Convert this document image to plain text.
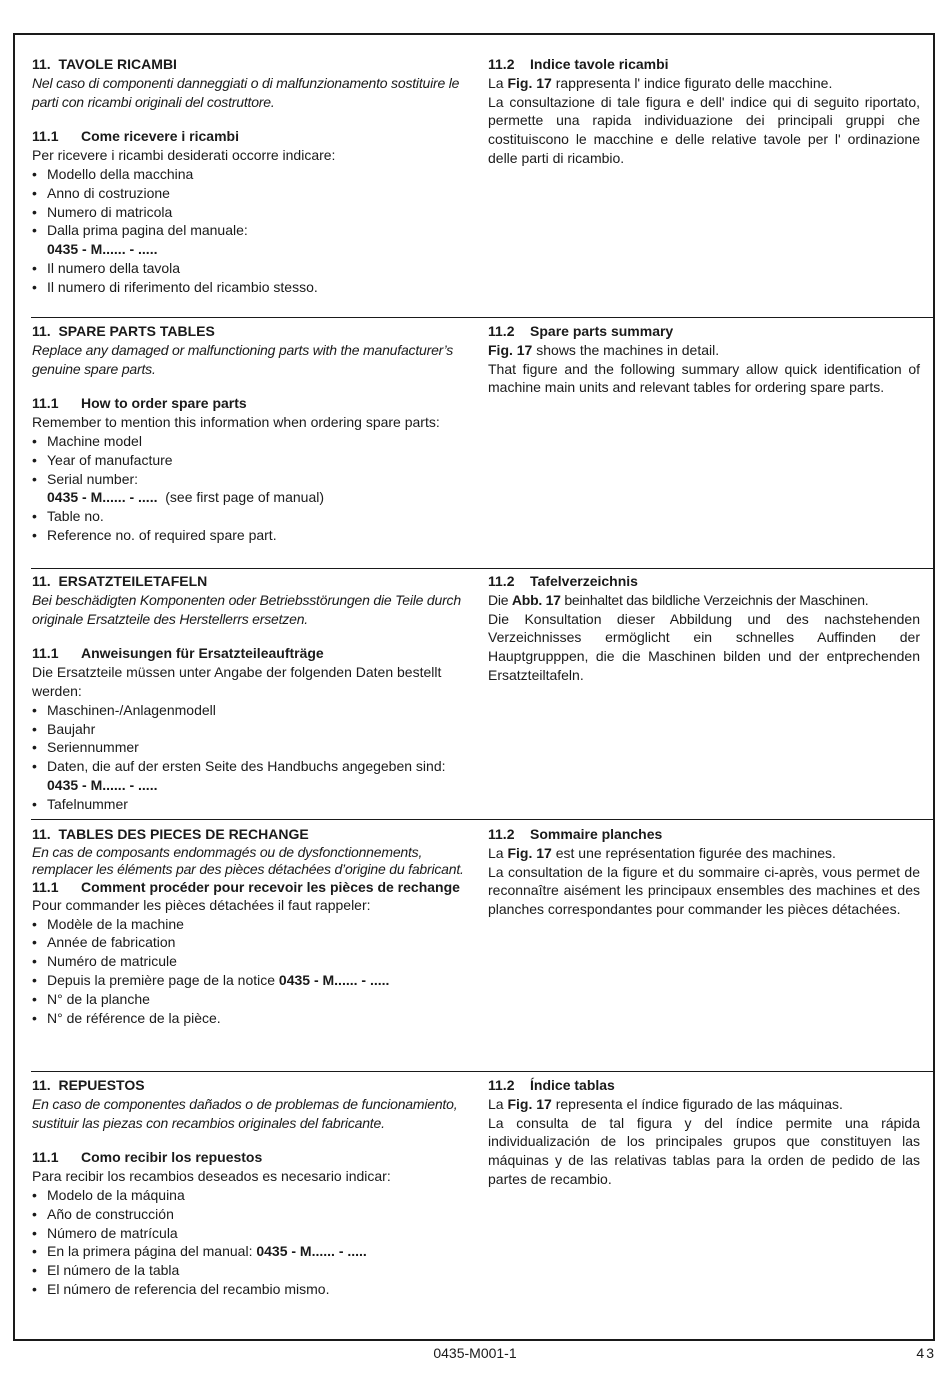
11.  TAVOLE RICAMBI
Nel caso di componenti danneggiati o di malfunzionamento sostituire le parti con ricambi originali del costruttore.
11.1 Come ricevere i ricambi
Per ricevere i ricambi desiderati occorre indicare:
• Modello della macchina
• Anno di costruzione
• Numero di matricola
• Dalla prima pagina del manuale:
0435 - M...... - .....
• Il numero della tavola
• Il numero di riferimento del ricambio stesso.
11.2    Indice tavole ricambi
La Fig. 17 rappresenta l' indice figurato delle macchine.
La consultazione di tale figura e dell' indice qui di seguito riportato, permette una rapida individuazione dei principali gruppi che costituiscono le macchine e delle relative tavole per l' ordinazione delle parti di ricambio.
11.  SPARE PARTS TABLES
Replace any damaged or malfunctioning parts with the manufacturer’s genuine spare parts.
11.1 How to order spare parts
Remember to mention this information when ordering spare parts:
• Machine model
• Year of manufacture
• Serial number:
0435 - M...... - .....  (see first page of manual)
• Table no.
• Reference no. of required spare part.
11.2    Spare parts summary
Fig. 17 shows the machines in detail.
That figure and the following summary allow quick identification of machine main units and relevant tables for ordering spare parts.
11.  ERSATZTEILETAFELN
Bei beschädigten Komponenten oder Betriebsstörungen die Teile durch originale Ersatzteile des Herstellerrs ersetzen.
11.1 Anweisungen für Ersatzteileaufträge
Die Ersatzteile müssen unter Angabe der folgenden Daten bestellt werden:
• Maschinen-/Anlagenmodell
• Baujahr
• Seriennummer
• Daten, die auf der ersten Seite des Handbuchs angegeben sind: 0435 - M...... - .....
• Tafelnummer
11.2    Tafelverzeichnis
Die Abb. 17 beinhaltet das bildliche Verzeichnis der Maschinen.
Die Konsultation dieser Abbildung und des nachstehenden Verzeichnisses ermöglicht ein schnelles Auffinden der Hauptgrupppen, die die Maschinen bilden und der entprechenden Ersatzteiltafeln.
11.  TABLES DES PIECES DE RECHANGE
En cas de composants endommagés ou de dysfonctionnements, remplacer les éléments par des pièces détachées d’origine du fabricant.
11.1 Comment procéder pour recevoir les pièces de rechange
Pour commander les pièces détachées il faut rappeler:
• Modèle de la machine
• Année de fabrication
• Numéro de matricule
• Depuis la première page de la notice 0435 - M...... - .....
• N° de la planche
• N° de référence de la pièce.
11.2    Sommaire planches
La Fig. 17 est une représentation figurée des machines.
La consultation de la figure et du sommaire ci-après, vous permet de reconnaître aisément les principaux ensembles des machines et des planches correspondantes pour commander les pièces détachées.
11.  REPUESTOS
En caso de componentes dañados o de problemas de funcionamiento, sustituir las piezas con recambios originales del fabricante.
11.1 Como recibir los repuestos
Para recibir los recambios deseados es necesario indicar:
• Modelo de la máquina
• Año de construcción
• Número de matrícula
• En la primera página del manual: 0435 - M...... - .....
• El número de la tabla
• El número de referencia del recambio mismo.
11.2    Índice tablas
La Fig. 17 representa el índice figurado de las máquinas.
La consulta de tal figura y del índice permite una rápida individualización de los principales grupos que constituyen las máquinas y de las relativas tablas para la orden de pedido de las partes de recambio.
0435-M001-1	43
